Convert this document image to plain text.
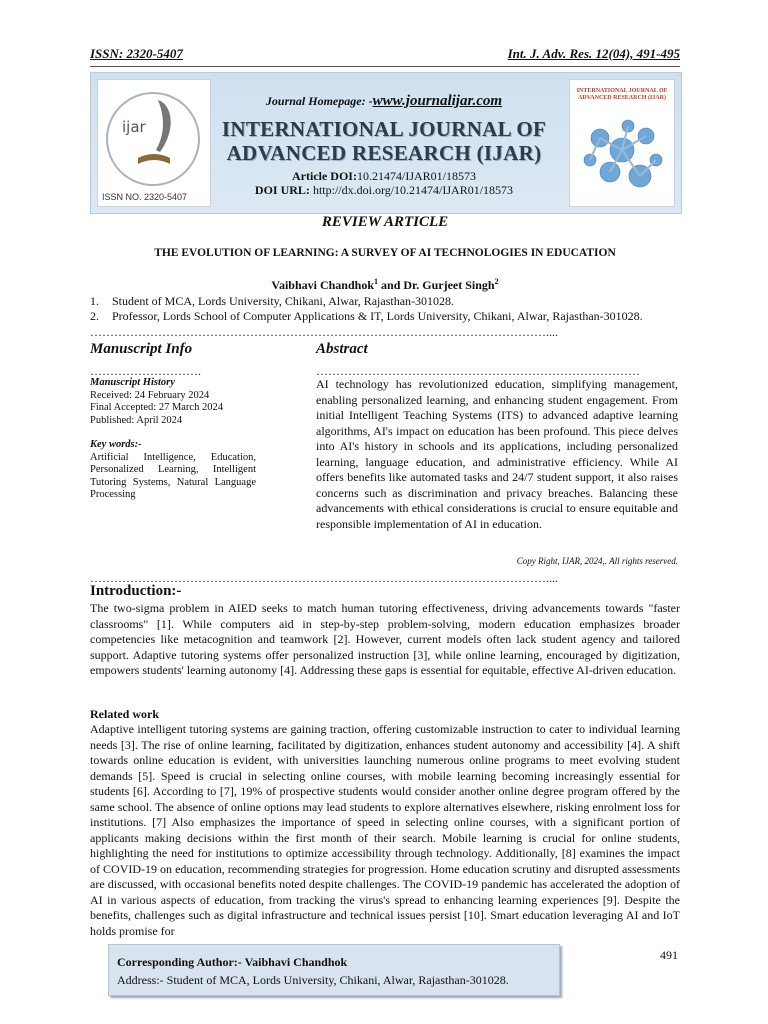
ISSN: 2320-5407	Int. J. Adv. Res. 12(04), 491-495
ijar
ISSN NO. 2320-5407
Journal Homepage: -www.journalijar.com
INTERNATIONAL JOURNAL OF
ADVANCED RESEARCH (IJAR)
Article DOI:10.21474/IJAR01/18573
DOI URL: http://dx.doi.org/10.21474/IJAR01/18573
INTERNATIONAL JOURNAL OF ADVANCED RESEARCH (IJAR)
REVIEW ARTICLE
THE EVOLUTION OF LEARNING: A SURVEY OF AI TECHNOLOGIES IN EDUCATION
Vaibhavi Chandhok$^1$ and Dr. Gurjeet Singh$^2$
1. Student of MCA, Lords University, Chikani, Alwar, Rajasthan-301028.
2. Professor, Lords School of Computer Applications & IT, Lords University, Chikani, Alwar, Rajasthan-301028.
……………………………………………………………………………………………………....
Manuscript Info	Abstract
……………………….	………………………………………………………………………
Manuscript History
Received: 24 February 2024
Final Accepted: 27 March 2024
Published: April 2024
Key words:-
Artificial Intelligence, Education, Personalized Learning, Intelligent Tutoring Systems, Natural Language Processing
AI technology has revolutionized education, simplifying management, enabling personalized learning, and enhancing student engagement. From initial Intelligent Teaching Systems (ITS) to advanced adaptive learning algorithms, AI's impact on education has been profound. This piece delves into AI's history in schools and its applications, including personalized learning, language education, and administrative efficiency. While AI offers benefits like automated tasks and 24/7 student support, it also raises concerns such as discrimination and privacy breaches. Balancing these advancements with ethical considerations is crucial to ensure equitable and responsible implementation of AI in education.
Copy Right, IJAR, 2024,. All rights reserved.
……………………………………………………………………………………………………....
Introduction:-
The two-sigma problem in AIED seeks to match human tutoring effectiveness, driving advancements towards "faster classrooms" [1]. While computers aid in step-by-step problem-solving, modern education emphasizes broader competencies like metacognition and teamwork [2]. However, current models often lack student agency and tailored support. Adaptive tutoring systems offer personalized instruction [3], while online learning, encouraged by digitization, empowers students' learning autonomy [4]. Addressing these gaps is essential for equitable, effective AI-driven education.
Related work
Adaptive intelligent tutoring systems are gaining traction, offering customizable instruction to cater to individual learning needs [3]. The rise of online learning, facilitated by digitization, enhances student autonomy and accessibility [4]. A shift towards online education is evident, with universities launching numerous online programs to meet evolving student demands [5]. Speed is crucial in selecting online courses, with mobile learning becoming increasingly essential for students [6]. According to [7], 19% of prospective students would consider another online degree program offered by the same school. The absence of online options may lead students to explore alternatives elsewhere, risking enrolment loss for institutions. [7] Also emphasizes the importance of speed in selecting online courses, with a significant portion of applicants making decisions within the first month of their search. Mobile learning is crucial for online students, highlighting the need for institutions to optimize accessibility through technology. Additionally, [8] examines the impact of COVID-19 on education, recommending strategies for progression. Home education scrutiny and disrupted assessments are discussed, with occasional benefits noted despite challenges. The COVID-19 pandemic has accelerated the adoption of AI in various aspects of education, from tracking the virus's spread to enhancing learning experiences [9]. Despite the benefits, challenges such as digital infrastructure and technical issues persist [10]. Smart education leveraging AI and IoT holds promise for
Corresponding Author:- Vaibhavi Chandhok
Address:- Student of MCA, Lords University, Chikani, Alwar, Rajasthan-301028.
491
